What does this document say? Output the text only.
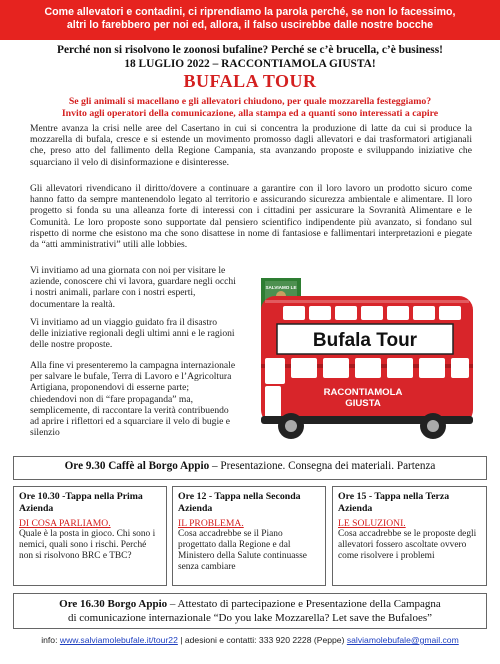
Come allevatori e contadini, ci riprendiamo la parola perché, se non lo facessimo,
altri lo farebbero per noi ed, allora, il falso uscirebbe dalle nostre bocche
Perché non si risolvono le zoonosi bufaline? Perché se c’è brucella, c’è business!
18 LUGLIO 2022 – RACCONTIAMOLA GIUSTA!
BUFALA TOUR
Se gli animali si macellano e gli allevatori chiudono, per quale mozzarella festeggiamo?
Invito agli operatori della comunicazione, alla stampa ed a quanti sono interessati a capire
Mentre avanza la crisi nelle aree del Casertano in cui si concentra la produzione di latte da cui si produce la mozzarella di bufala, cresce e si estende un movimento promosso dagli allevatori e dai trasformatori artigianali che, preso atto del fallimento della Regione Campania, sta avanzando proposte e sviluppando iniziative che squarciano il velo di disinformazione e disinteresse.
Gli allevatori rivendicano il diritto/dovere a continuare a garantire con il loro lavoro un prodotto sicuro come hanno fatto da sempre mantenendolo legato al territorio e assicurando sicurezza ambientale e alimentare. Il loro progetto si fonda su una alleanza forte di interessi con i cittadini per assicurare la Sovranità Alimentare e le Comunità. Le loro proposte sono supportate dal pensiero scientifico indipendente più avanzato, si fondano sul rispetto di norme che esistono ma che sono disattese in nome di fantasiose e fallimentari interpretazioni e piegate da “atti amministrativi” utili alle lobbies.
Vi invitiamo ad una giornata con noi per visitare le aziende, conoscere chi vi lavora, guardare negli occhi i nostri animali, parlare con i nostri esperti, documentare la realtà.
Vi invitiamo ad un viaggio guidato fra il disastro delle iniziative regionali degli ultimi anni e le ragioni delle nostre proposte.
Alla fine vi presenteremo la campagna internazionale per salvare le bufale, Terra di Lavoro e l’Agricoltura Artigiana, proponendovi di esserne parte; chiedendovi non di “fare propaganda” ma, semplicemente, di raccontare la verità contribuendo ad aprire i riflettori ed a squarciare il velo di bugie e silenzio
SALVIAMO LE
Bufala Tour
RACONTIAMOLA
GIUSTA
Ore 9.30 Caffè al Borgo Appio – Presentazione. Consegna dei materiali. Partenza
Ore 10.30 -Tappa nella Prima Azienda
DI COSA PARLIAMO.
Quale è la posta in gioco. Chi sono i nemici, quali sono i rischi. Perché non si risolvono BRC e TBC?
Ore 12 - Tappa nella Seconda Azienda
IL PROBLEMA.
Cosa accadrebbe se il Piano progettato dalla Regione e dal Ministero della Salute continuasse senza cambiare
Ore 15 - Tappa nella Terza Azienda
LE SOLUZIONI.
Cosa accadrebbe se le proposte degli allevatori fossero ascoltate ovvero come risolvere i problemi
Ore 16.30 Borgo Appio – Attestato di partecipazione e Presentazione della Campagna
di comunicazione internazionale “Do you lake Mozzarella? Let save the Bufaloes”
info: www.salviamolebufale.it/tour22 | adesioni e contatti: 333 920 2228 (Peppe) salviamolebufale@gmail.com
